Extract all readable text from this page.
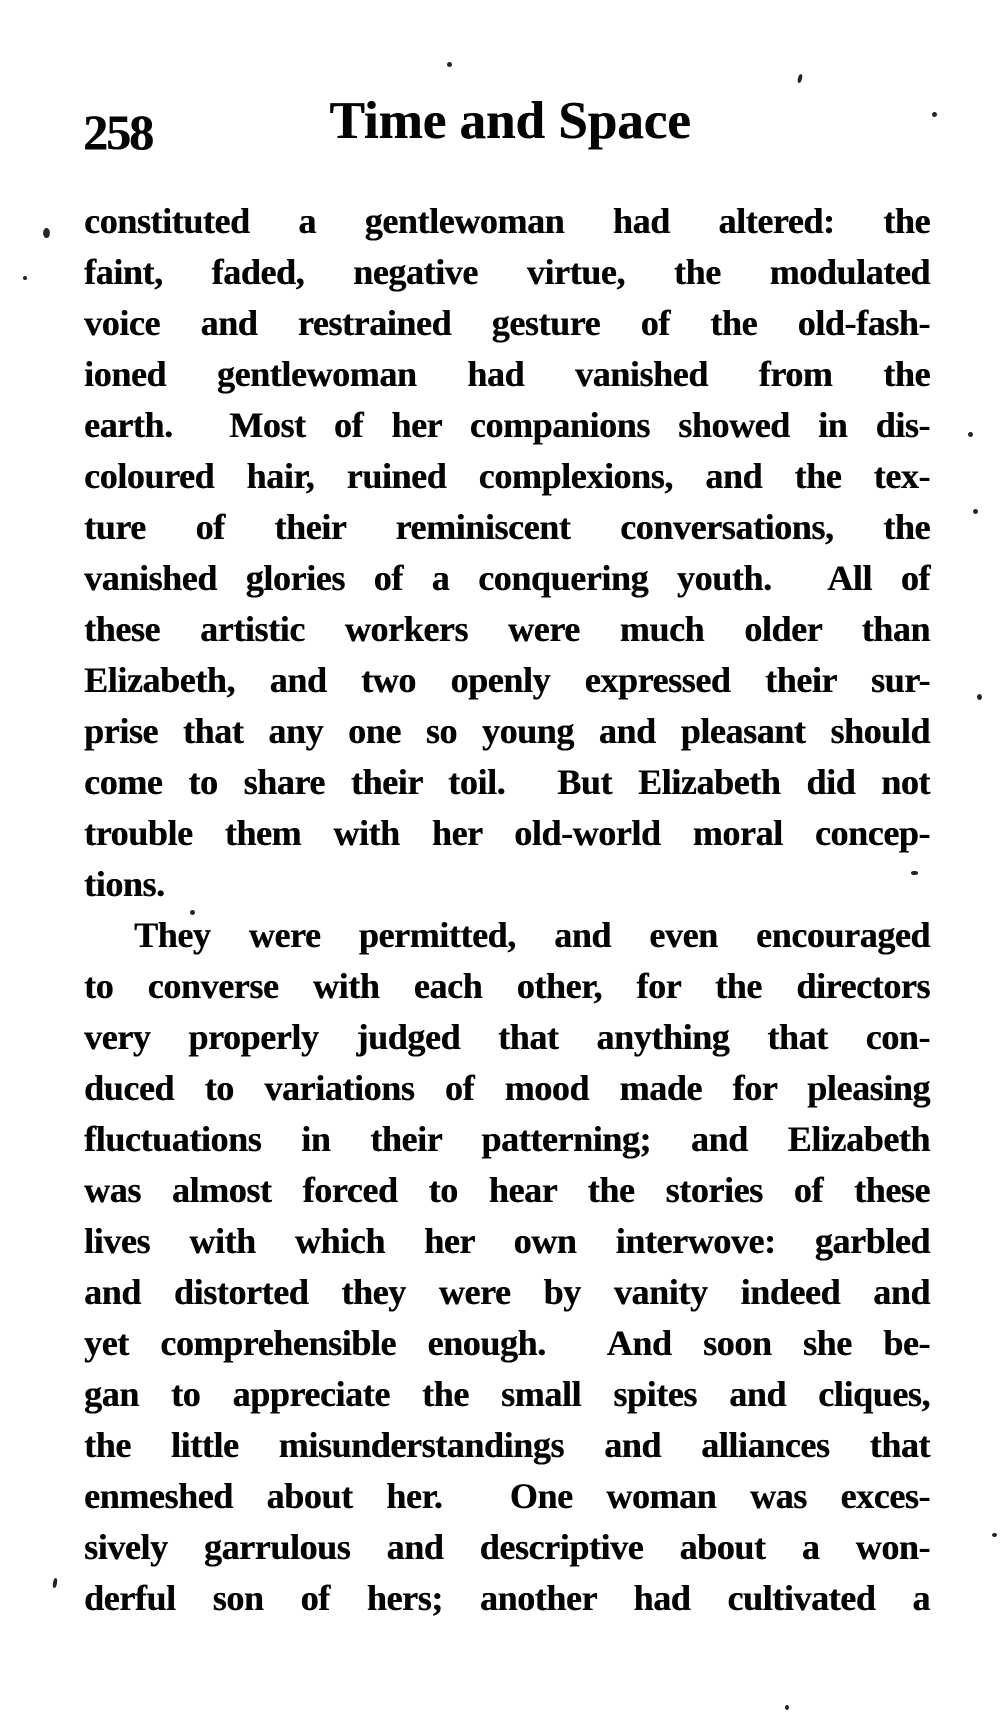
258	Time and Space
constituted a gentlewoman had altered: the
faint, faded, negative virtue, the modulated
voice and restrained gesture of the old-fash-
ioned gentlewoman had vanished from the
earth.  Most of her companions showed in dis-
coloured hair, ruined complexions, and the tex-
ture of their reminiscent conversations, the
vanished glories of a conquering youth.  All of
these artistic workers were much older than
Elizabeth, and two openly expressed their sur-
prise that any one so young and pleasant should
come to share their toil.  But Elizabeth did not
trouble them with her old-world moral concep-
tions.
They were permitted, and even encouraged
to converse with each other, for the directors
very properly judged that anything that con-
duced to variations of mood made for pleasing
fluctuations in their patterning; and Elizabeth
was almost forced to hear the stories of these
lives with which her own interwove: garbled
and distorted they were by vanity indeed and
yet comprehensible enough.  And soon she be-
gan to appreciate the small spites and cliques,
the little misunderstandings and alliances that
enmeshed about her.  One woman was exces-
sively garrulous and descriptive about a won-
derful son of hers; another had cultivated a
